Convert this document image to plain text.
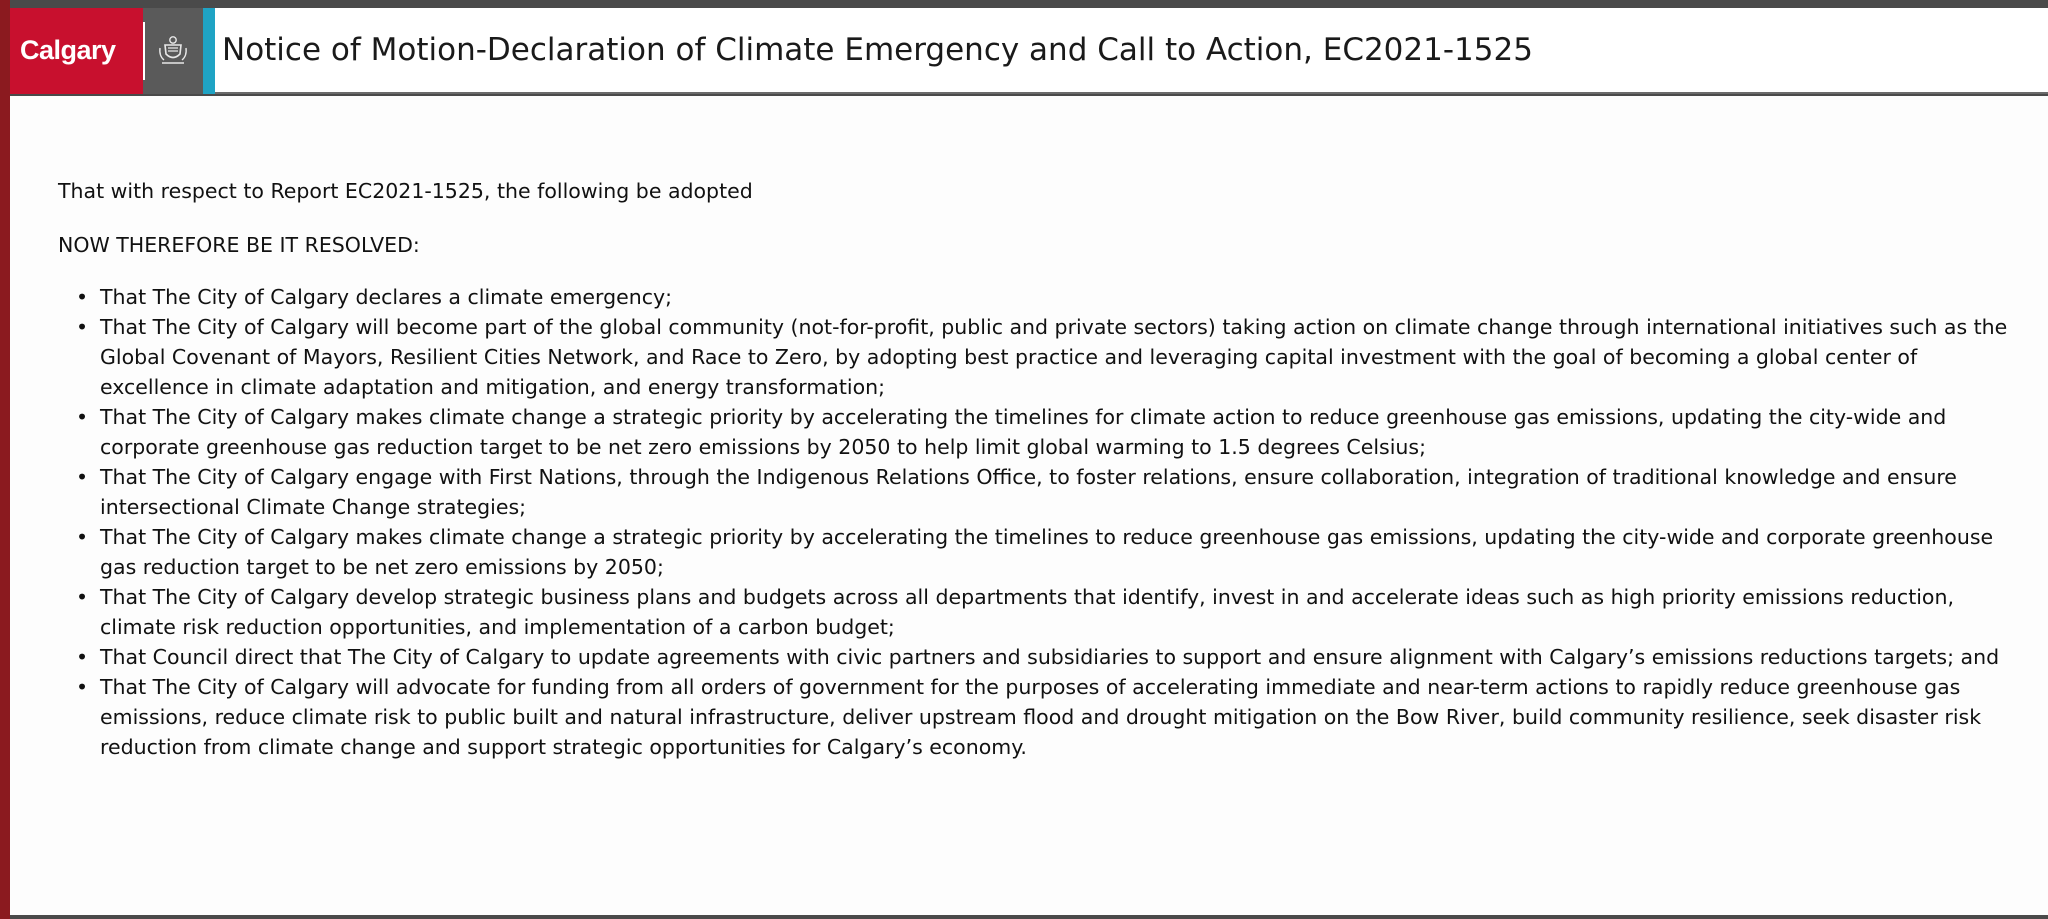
Calgary	Notice of Motion-Declaration of Climate Emergency and Call to Action, EC2021-1525

That with respect to Report EC2021-1525, the following be adopted

NOW THEREFORE BE IT RESOLVED:

• That The City of Calgary declares a climate emergency;
• That The City of Calgary will become part of the global community (not-for-profit, public and private sectors) taking action on climate change through international initiatives such as the Global Covenant of Mayors, Resilient Cities Network, and Race to Zero, by adopting best practice and leveraging capital investment with the goal of becoming a global center of excellence in climate adaptation and mitigation, and energy transformation;
• That The City of Calgary makes climate change a strategic priority by accelerating the timelines for climate action to reduce greenhouse gas emissions, updating the city-wide and corporate greenhouse gas reduction target to be net zero emissions by 2050 to help limit global warming to 1.5 degrees Celsius;
• That The City of Calgary engage with First Nations, through the Indigenous Relations Office, to foster relations, ensure collaboration, integration of traditional knowledge and ensure intersectional Climate Change strategies;
• That The City of Calgary makes climate change a strategic priority by accelerating the timelines to reduce greenhouse gas emissions, updating the city-wide and corporate greenhouse gas reduction target to be net zero emissions by 2050;
• That The City of Calgary develop strategic business plans and budgets across all departments that identify, invest in and accelerate ideas such as high priority emissions reduction, climate risk reduction opportunities, and implementation of a carbon budget;
• That Council direct that The City of Calgary to update agreements with civic partners and subsidiaries to support and ensure alignment with Calgary’s emissions reductions targets; and
• That The City of Calgary will advocate for funding from all orders of government for the purposes of accelerating immediate and near-term actions to rapidly reduce greenhouse gas emissions, reduce climate risk to public built and natural infrastructure, deliver upstream flood and drought mitigation on the Bow River, build community resilience, seek disaster risk reduction from climate change and support strategic opportunities for Calgary’s economy.
